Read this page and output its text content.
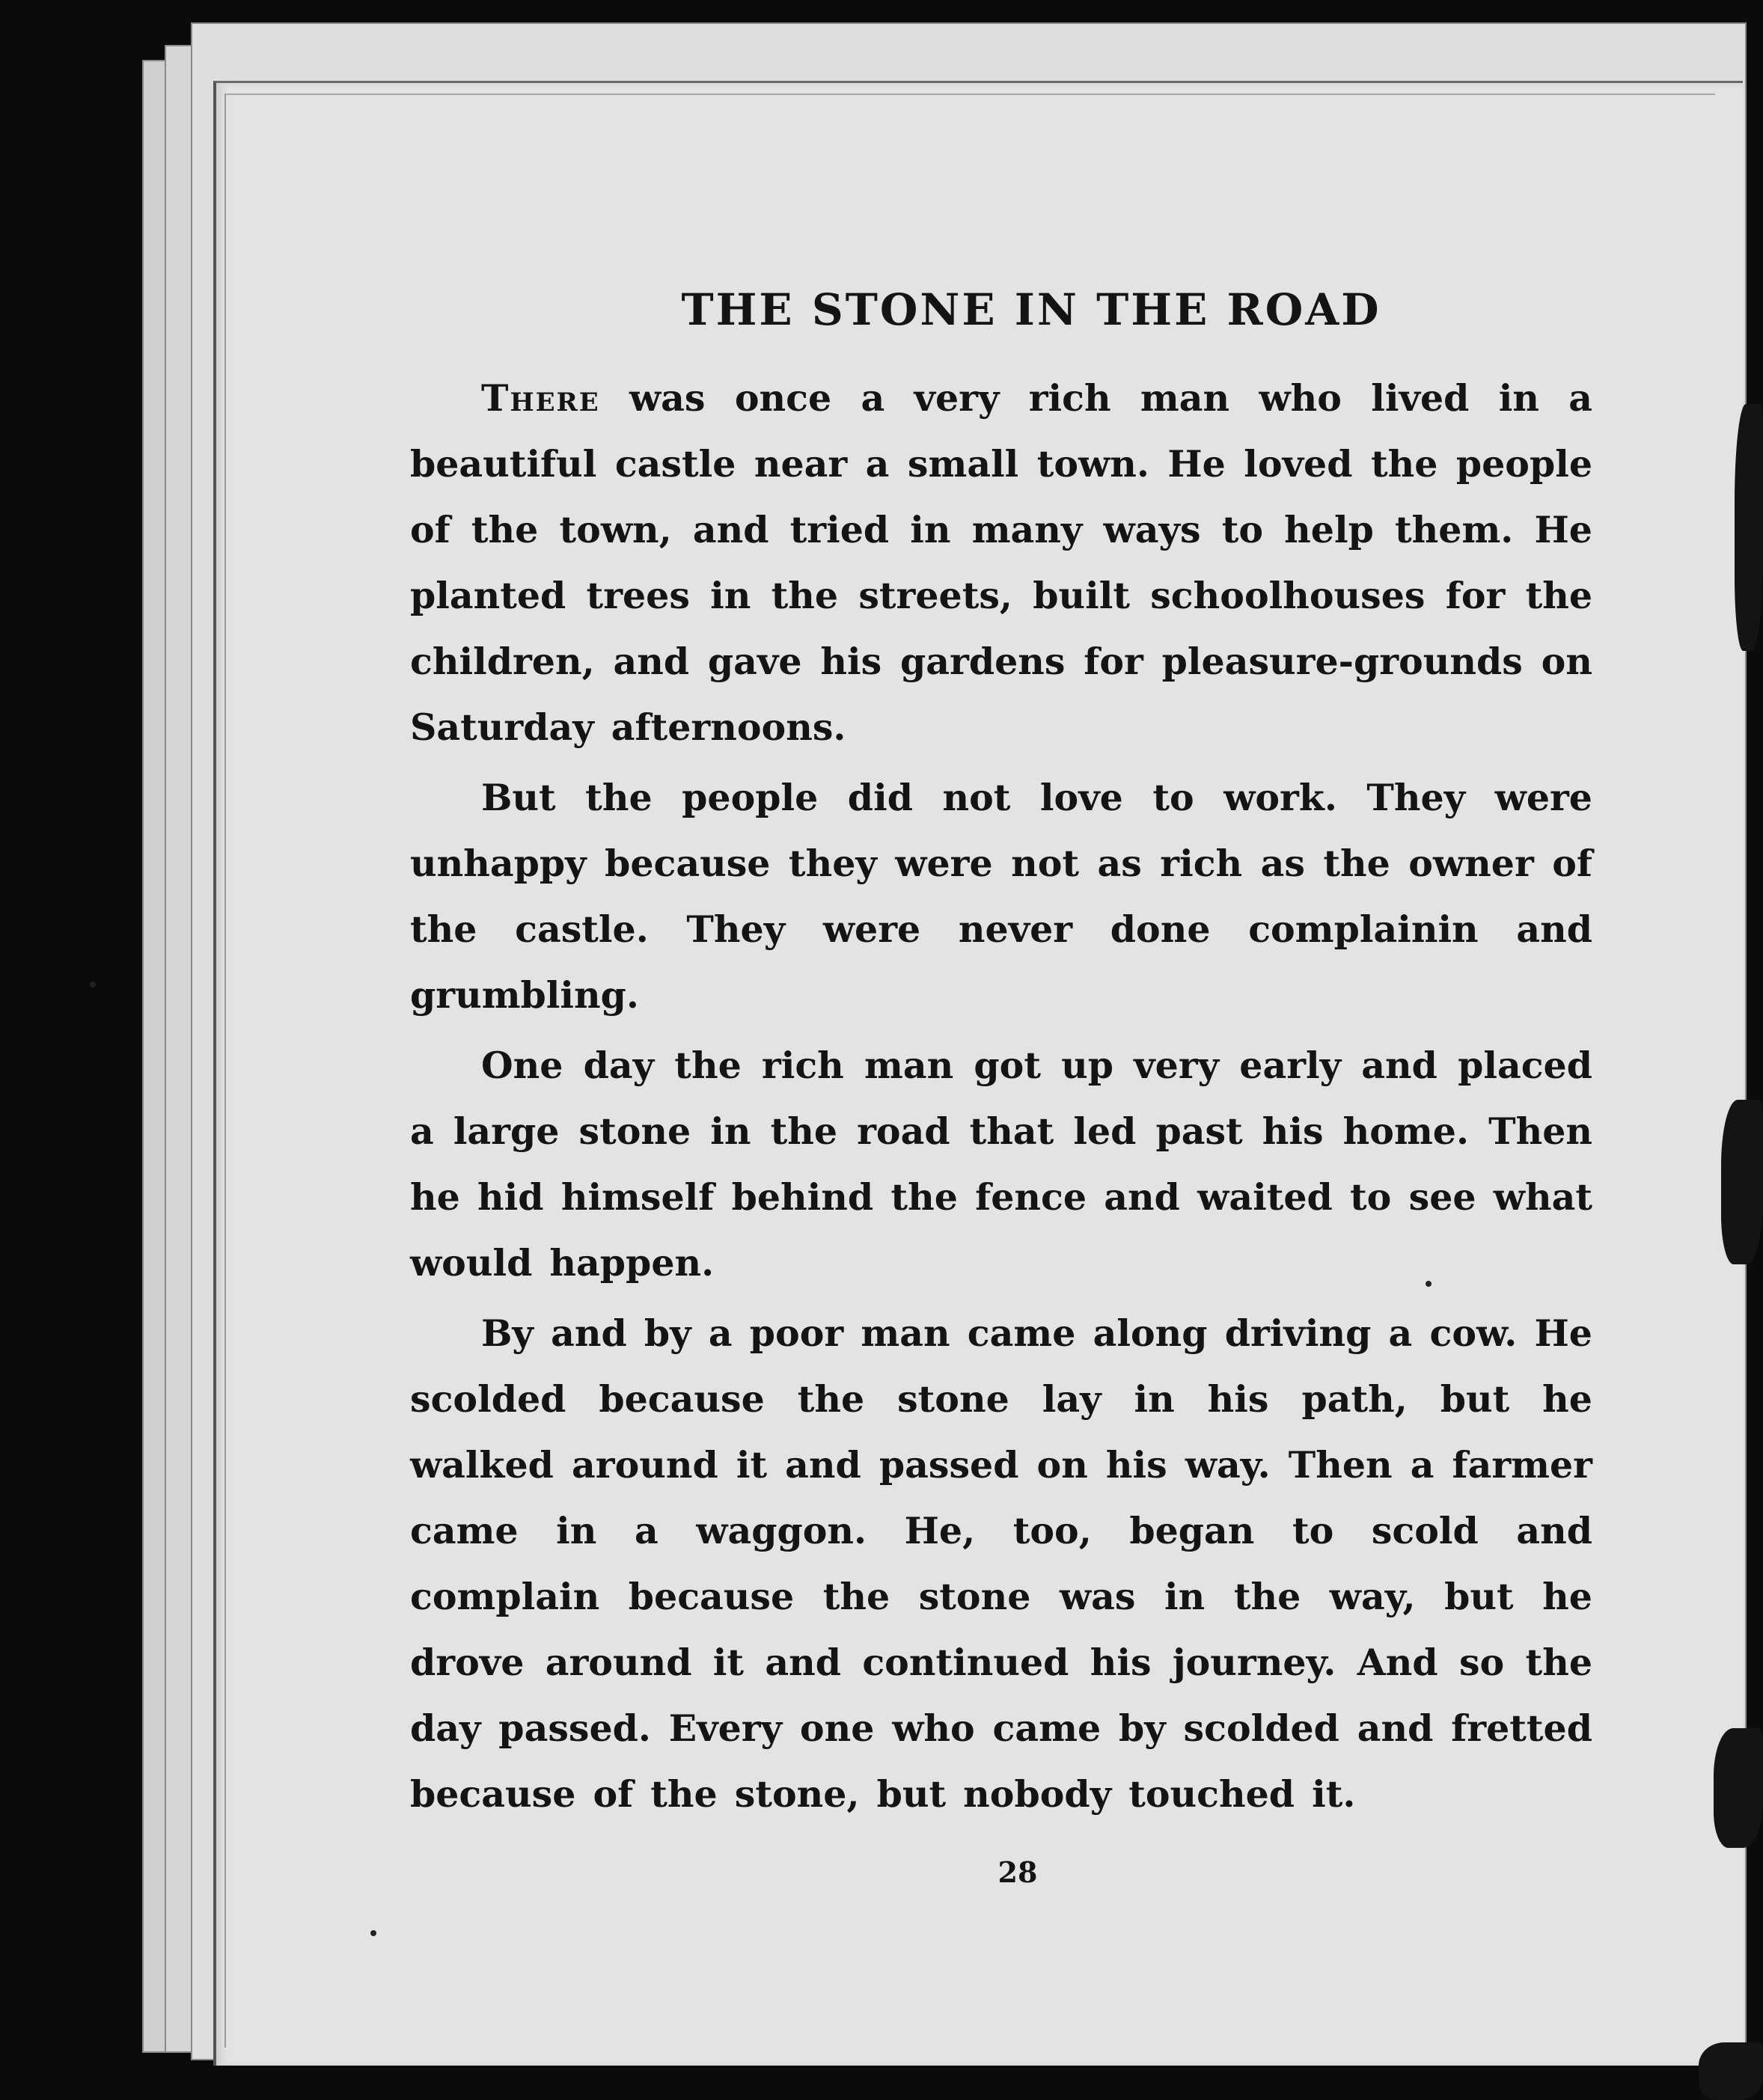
THE STONE IN THE ROAD

There was once a very rich man who lived in a beautiful castle near a small town. He loved the people of the town, and tried in many ways to help them. He planted trees in the streets, built schoolhouses for the children, and gave his gardens for pleasure-grounds on Saturday afternoons.

But the people did not love to work. They were unhappy because they were not as rich as the owner of the castle. They were never done complainin and grumbling.

One day the rich man got up very early and placed a large stone in the road that led past his home. Then he hid himself behind the fence and waited to see what would happen.

By and by a poor man came along driving a cow. He scolded because the stone lay in his path, but he walked around it and passed on his way. Then a farmer came in a waggon. He, too, began to scold and complain because the stone was in the way, but he drove around it and continued his journey. And so the day passed. Every one who came by scolded and fretted because of the stone, but nobody touched it.

28
